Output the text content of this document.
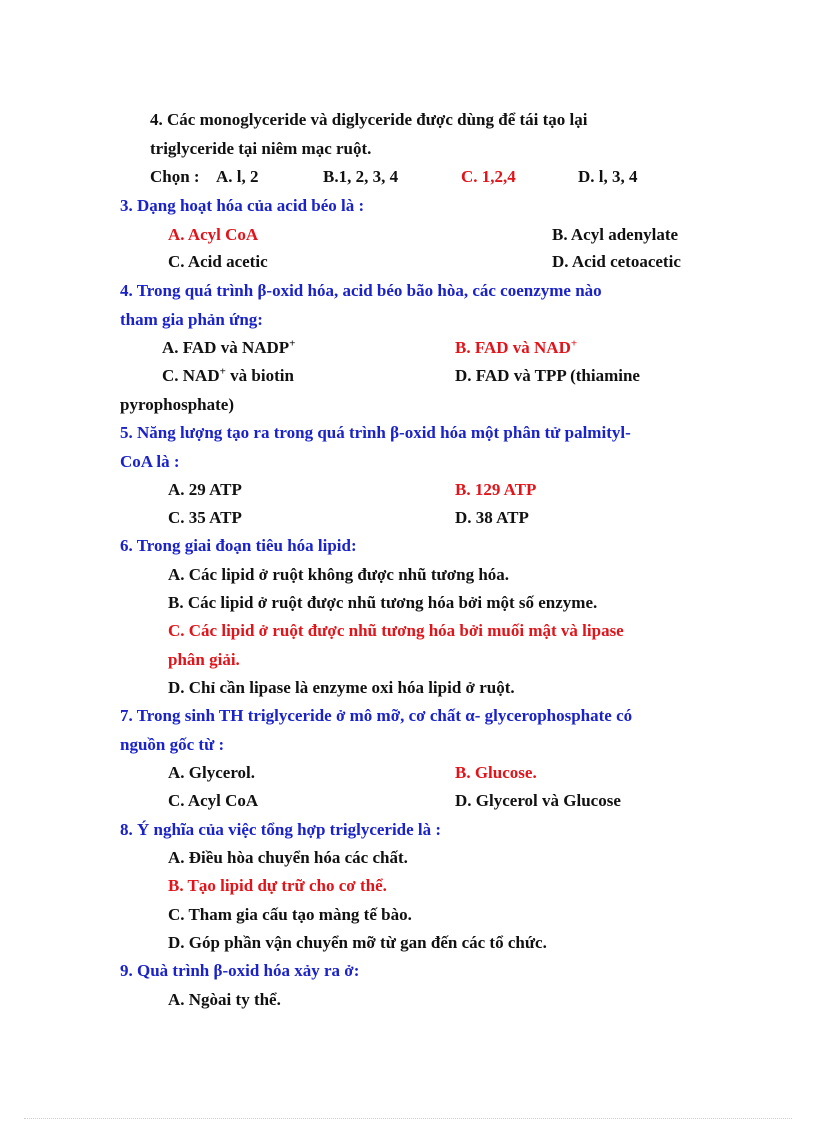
4. Các monoglyceride và diglyceride được dùng để tái tạo lại
triglyceride tại niêm mạc ruột.
Chọn : A. l, 2	B.1, 2, 3, 4	C. 1,2,4	D. l, 3, 4
3. Dạng hoạt hóa của acid béo là :
A. Acyl CoA	B. Acyl adenylate
C. Acid acetic	D. Acid cetoacetic
4. Trong quá trình β-oxid hóa, acid béo bão hòa, các coenzyme nào
tham gia phản ứng:
A. FAD và NADP+	B. FAD và NAD+
C. NAD+ và biotin	D. FAD và TPP (thiamine
pyrophosphate)
5. Năng lượng tạo ra trong quá trình β-oxid hóa một phân tử palmityl-
CoA là :
A. 29 ATP	B. 129 ATP
C. 35 ATP	D. 38 ATP
6. Trong giai đoạn tiêu hóa lipid:
A. Các lipid ở ruột không được nhũ tương hóa.
B. Các lipid ở ruột được nhũ tương hóa bởi một số enzyme.
C. Các lipid ở ruột được nhũ tương hóa bởi muối mật và lipase
phân giải.
D. Chỉ cần lipase là enzyme oxi hóa lipid ở ruột.
7. Trong sinh TH triglyceride ở mô mỡ, cơ chất α- glycerophosphate có
nguồn gốc từ :
A. Glycerol.	B. Glucose.
C. Acyl CoA	D. Glycerol và Glucose
8. Ý nghĩa của việc tổng hợp triglyceride là :
A. Điều hòa chuyển hóa các chất.
B. Tạo lipid dự trữ cho cơ thể.
C. Tham gia cấu tạo màng tế bào.
D. Góp phần vận chuyển mỡ từ gan đến các tổ chức.
9. Quà trình β-oxid hóa xảy ra ở:
A. Ngòai ty thể.
